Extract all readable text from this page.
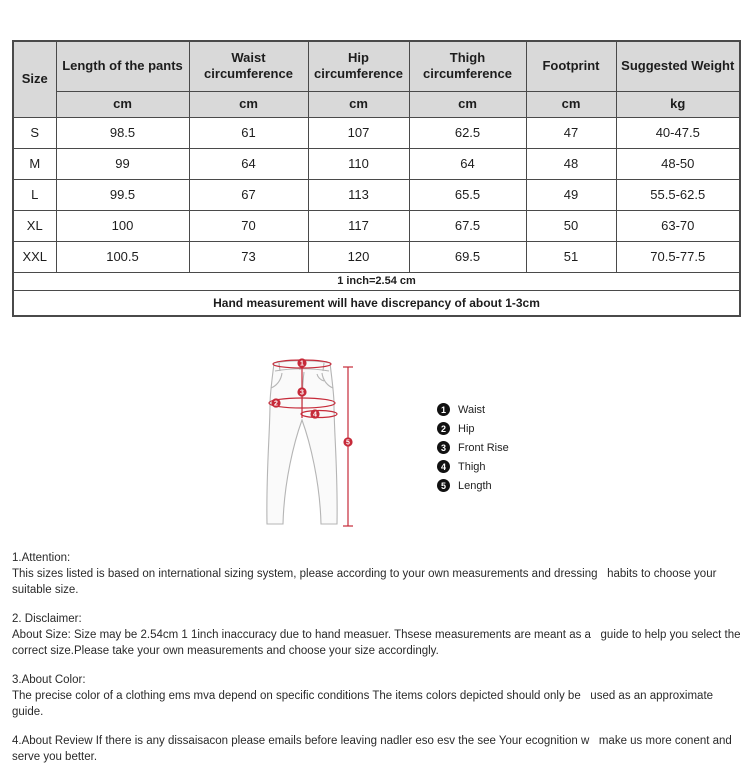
Size	Length of the pants	Waist circumference	Hip circumference	Thigh circumference	Footprint	Suggested Weight
	cm	cm	cm	cm	cm	kg
S	98.5	61	107	62.5	47	40-47.5
M	99	64	110	64	48	48-50
L	99.5	67	113	65.5	49	55.5-62.5
XL	100	70	117	67.5	50	63-70
XXL	100.5	73	120	69.5	51	70.5-77.5
1 inch=2.54 cm						
Hand measurement will have discrepancy of about 1-3cm						
1
2
3
4
5
1	Waist
2	Hip
3	Front Rise
4	Thigh
5	Length
1.Attention:
This sizes listed is based on international sizing system, please according to your own measurements and dressing   habits to choose your suitable size.
2. Disclaimer:
About Size: Size may be 2.54cm 1 1inch inaccuracy due to hand measuer. Thsese measurements are meant as a   guide to help you select the correct size.Please take your own measurements and choose your size accordingly.
3.About Color:
The precise color of a clothing ems mva depend on specific conditions The items colors depicted should only be   used as an approximate guide.
4.About Review If there is any dissaisacon please emails before leaving nadler eso esv the see Your ecognition w   make us more conent and serve you better.
